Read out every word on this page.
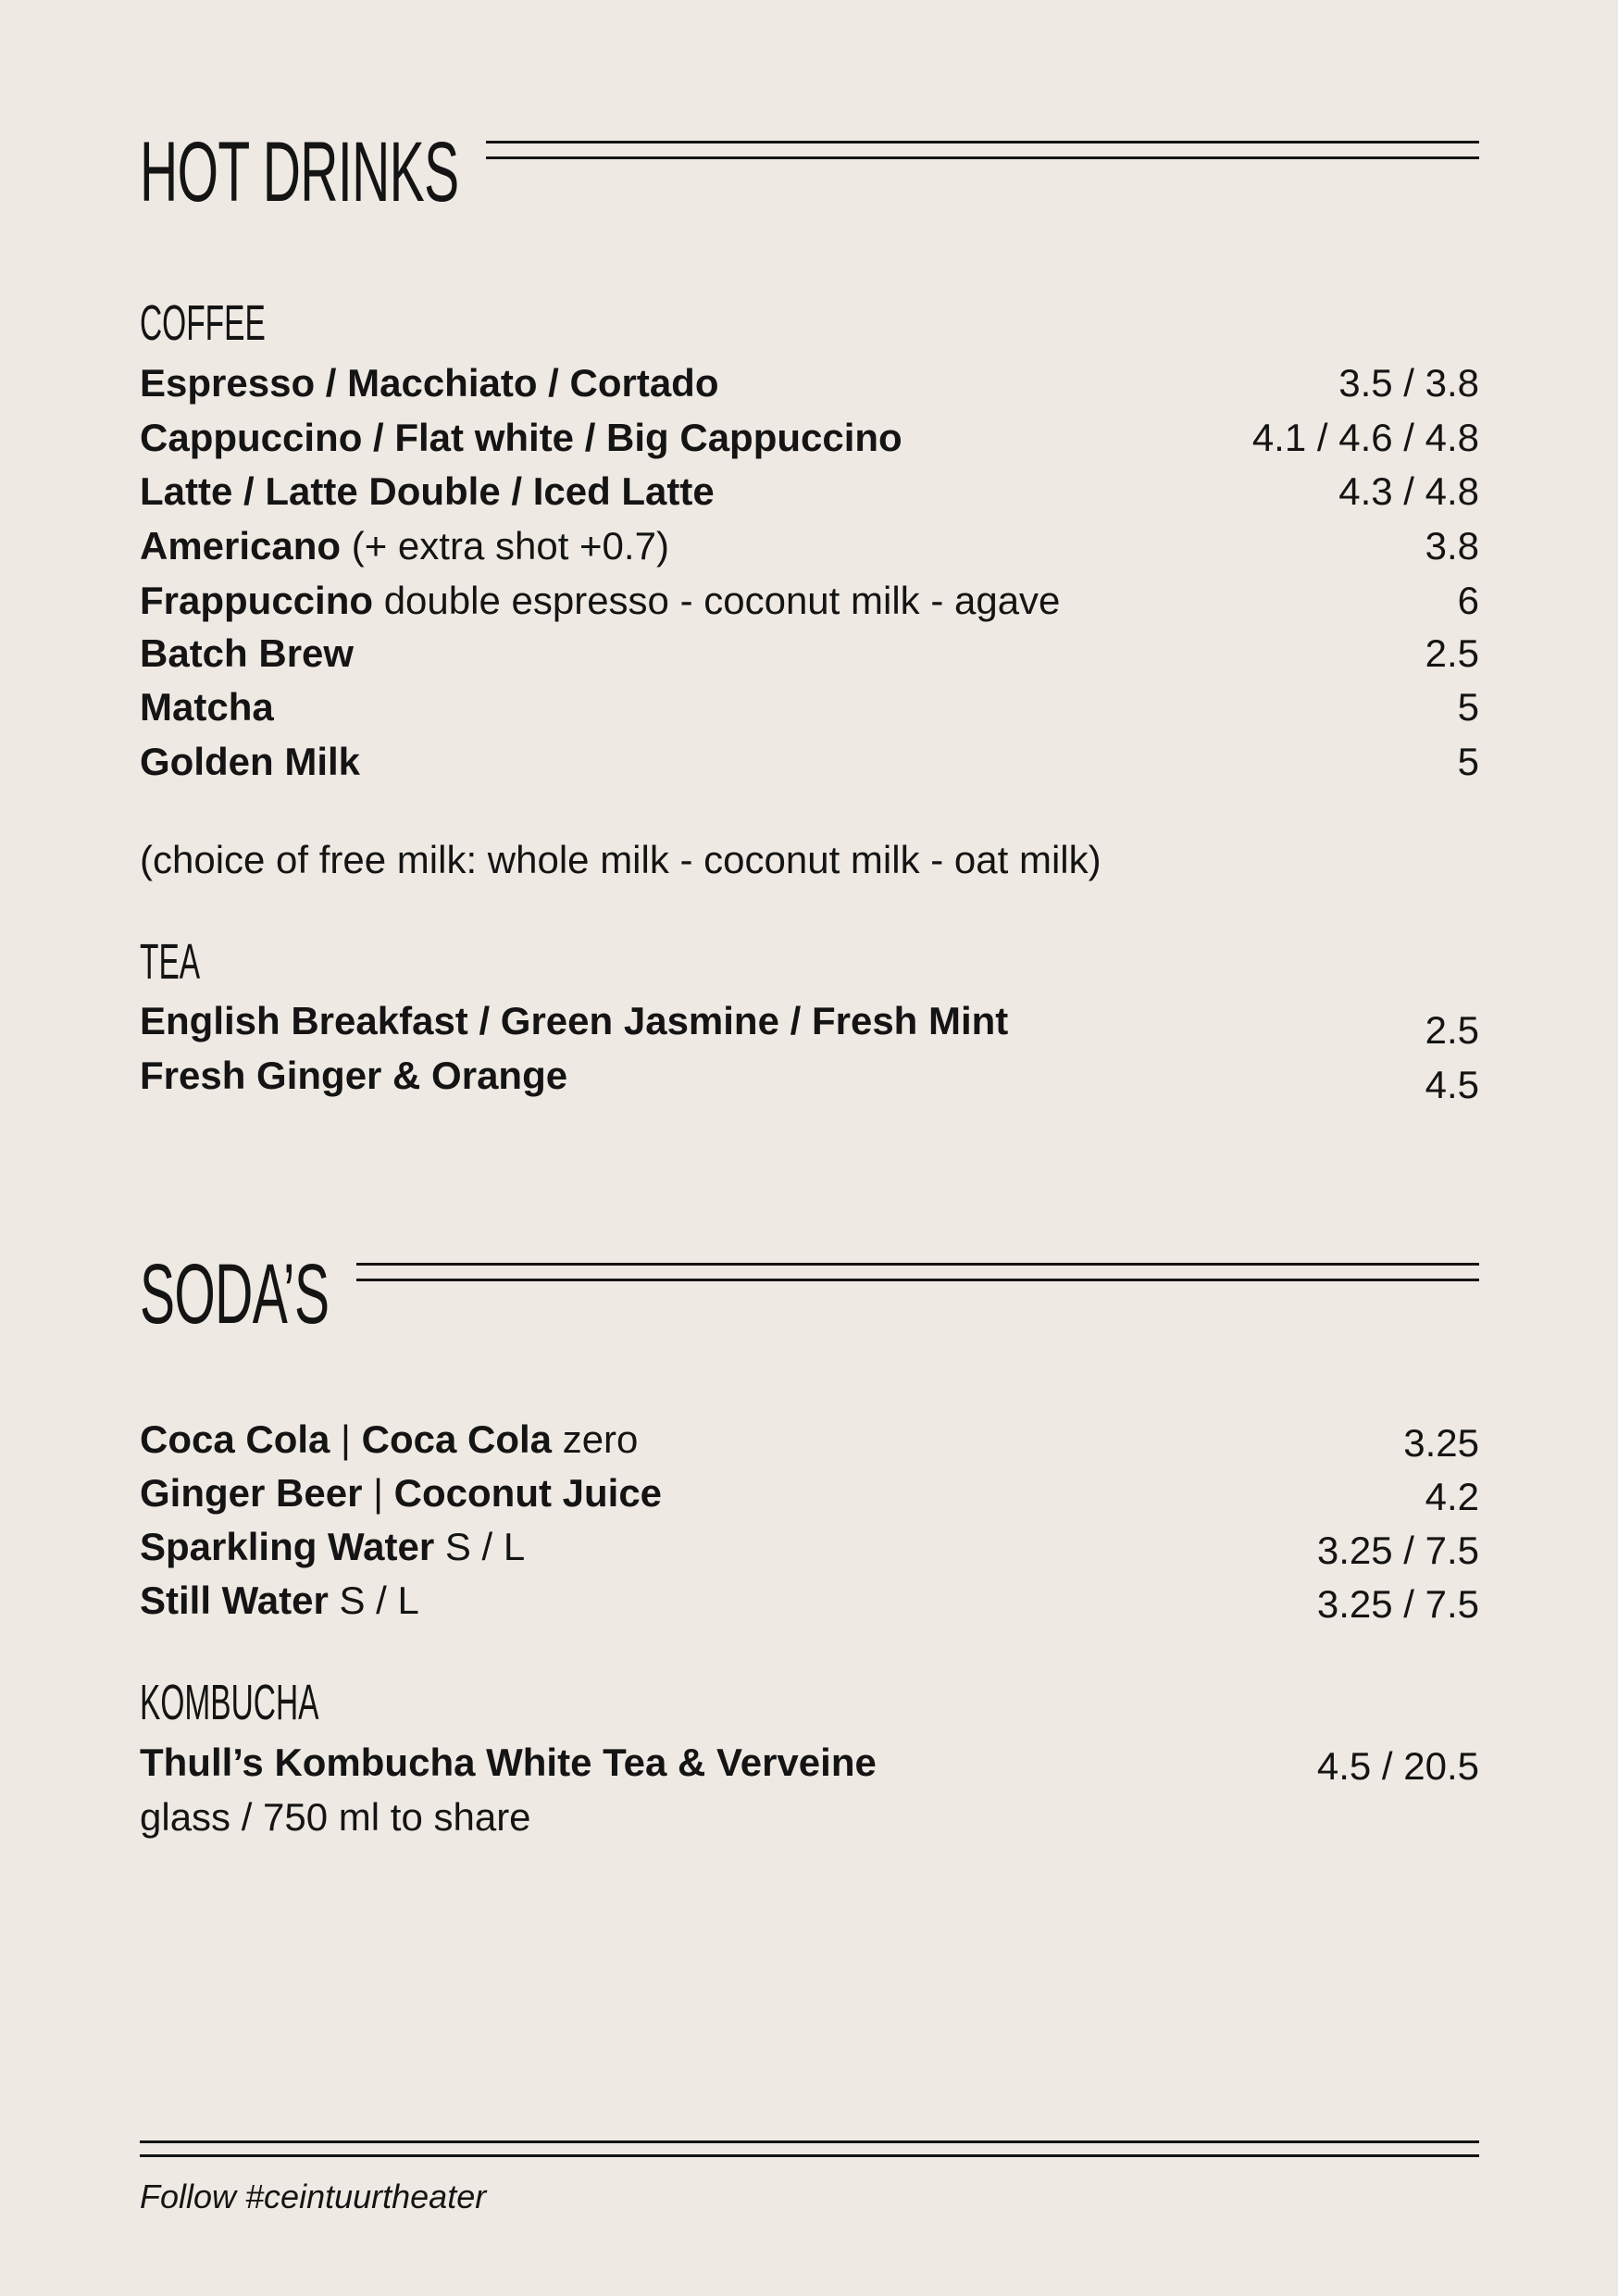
HOT DRINKS
COFFEE
Espresso / Macchiato / Cortado	3.5 / 3.8
Cappuccino / Flat white / Big Cappuccino	4.1 / 4.6 / 4.8
Latte / Latte Double / Iced Latte	4.3 / 4.8
Americano (+ extra shot +0.7)	3.8
Frappuccino double espresso - coconut milk - agave	6
Batch Brew	2.5
Matcha	5
Golden Milk	5
(choice of free milk: whole milk - coconut milk - oat milk)
TEA
English Breakfast / Green Jasmine / Fresh Mint	2.5
Fresh Ginger & Orange	4.5
SODA’S
Coca Cola | Coca Cola zero	3.25
Ginger Beer | Coconut Juice	4.2
Sparkling Water S / L	3.25 / 7.5
Still Water S / L	3.25 / 7.5
KOMBUCHA
Thull’s Kombucha White Tea & Verveine	4.5 / 20.5
glass / 750 ml to share
Follow #ceintuurtheater
